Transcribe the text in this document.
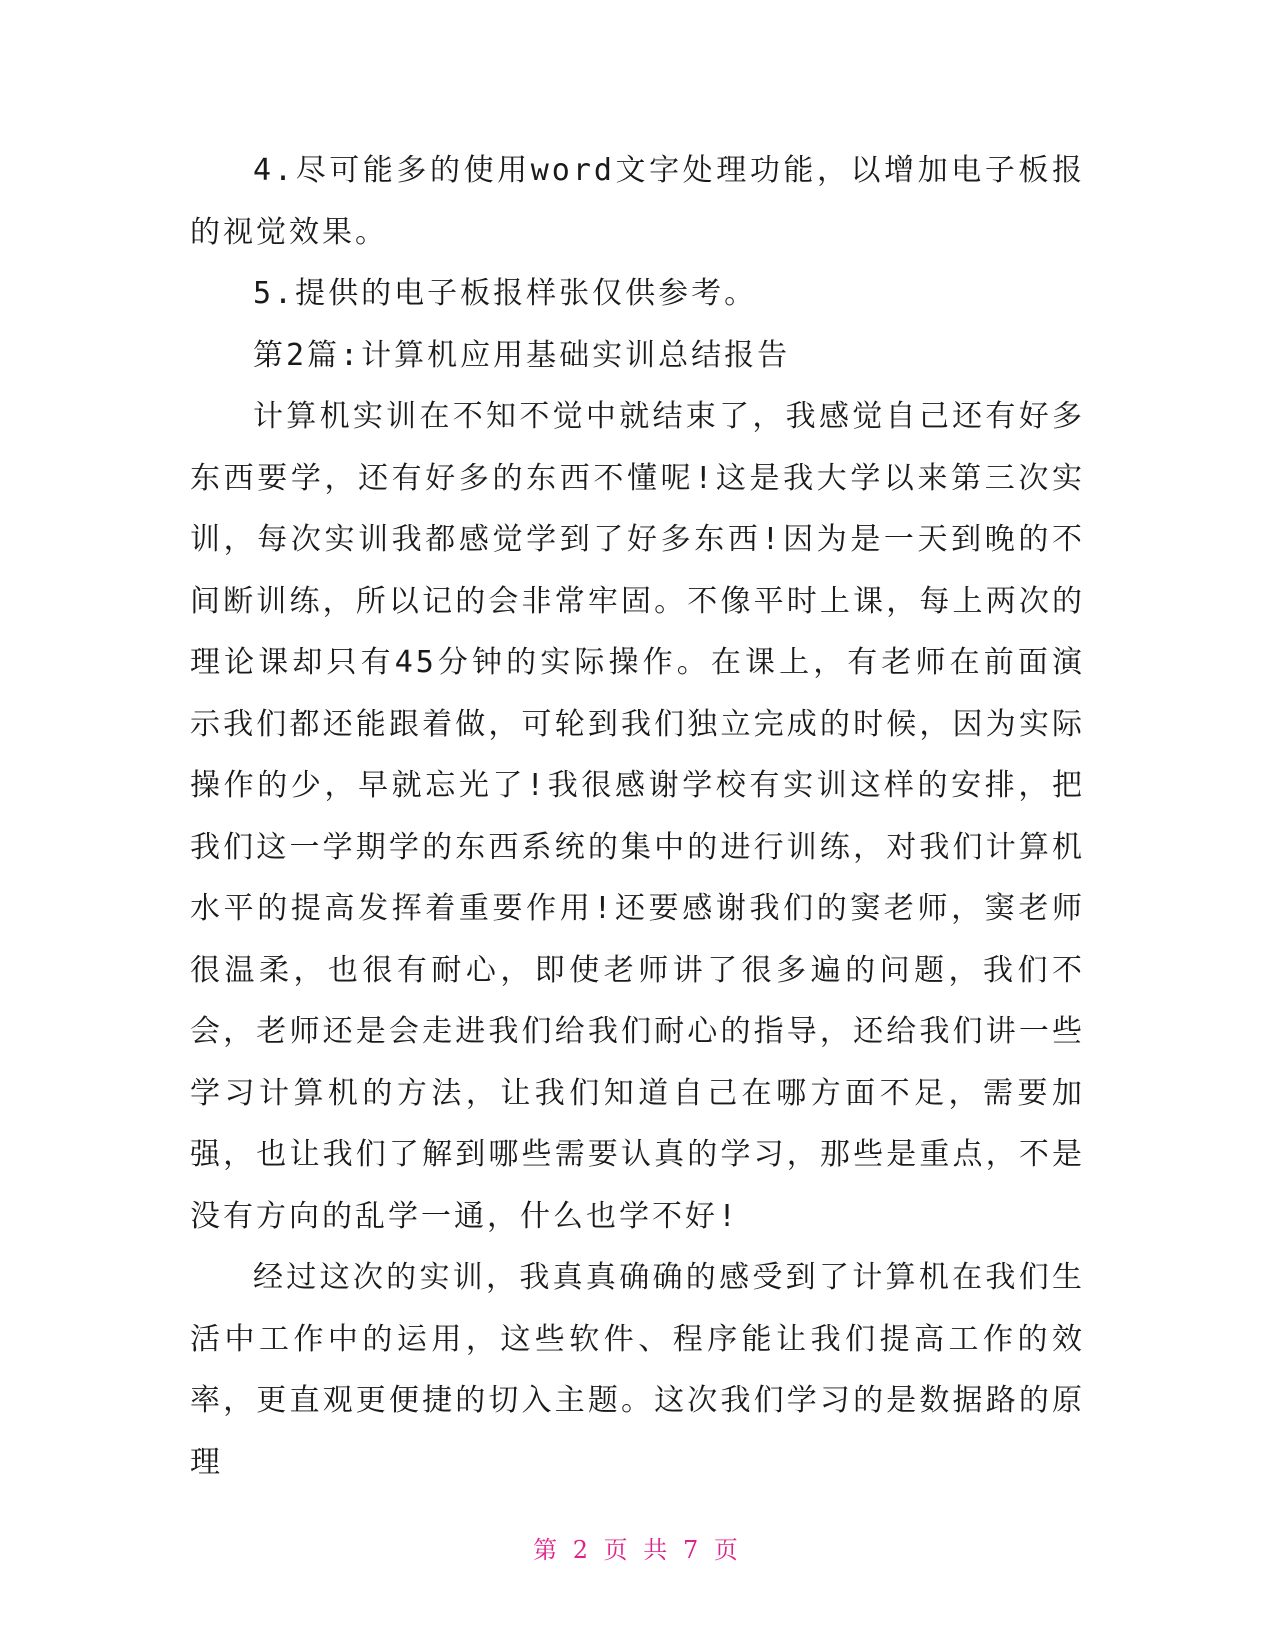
4.尽可能多的使用word文字处理功能，以增加电子板报的视觉效果。

5.提供的电子板报样张仅供参考。

第2篇:计算机应用基础实训总结报告

计算机实训在不知不觉中就结束了，我感觉自己还有好多东西要学，还有好多的东西不懂呢!这是我大学以来第三次实训，每次实训我都感觉学到了好多东西!因为是一天到晚的不间断训练，所以记的会非常牢固。不像平时上课，每上两次的理论课却只有45分钟的实际操作。在课上，有老师在前面演示我们都还能跟着做，可轮到我们独立完成的时候，因为实际操作的少，早就忘光了!我很感谢学校有实训这样的安排，把我们这一学期学的东西系统的集中的进行训练，对我们计算机水平的提高发挥着重要作用!还要感谢我们的窦老师，窦老师很温柔，也很有耐心，即使老师讲了很多遍的问题，我们不会，老师还是会走进我们给我们耐心的指导，还给我们讲一些学习计算机的方法，让我们知道自己在哪方面不足，需要加强，也让我们了解到哪些需要认真的学习，那些是重点，不是没有方向的乱学一通，什么也学不好!

经过这次的实训，我真真确确的感受到了计算机在我们生活中工作中的运用，这些软件、程序能让我们提高工作的效率，更直观更便捷的切入主题。这次我们学习的是数据路的原理

第 2 页 共 7 页
